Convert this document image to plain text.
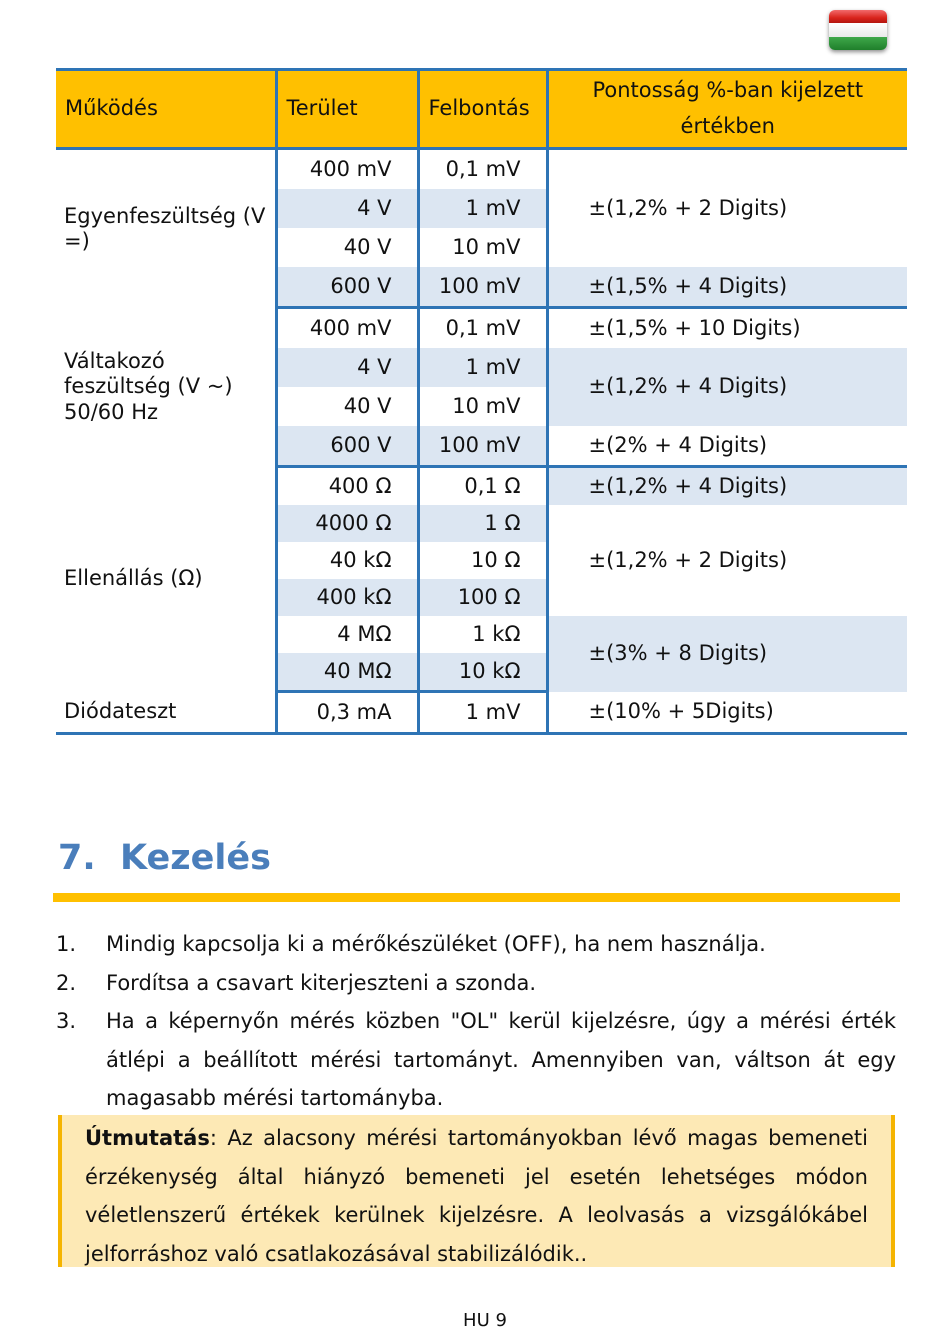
Működés	Terület	Felbontás	Pontosság %-ban kijelzett értékben
Egyenfeszültség (V =)	400 mV	0,1 mV	±(1,2% + 2 Digits)
	4 V	1 mV	
	40 V	10 mV	
	600 V	100 mV	±(1,5% + 4 Digits)
Váltakozó feszültség (V ~) 50/60 Hz	400 mV	0,1 mV	±(1,5% + 10 Digits)
	4 V	1 mV	±(1,2% + 4 Digits)
	40 V	10 mV	
	600 V	100 mV	±(2% + 4 Digits)
Ellenállás (Ω)	400 Ω	0,1 Ω	±(1,2% + 4 Digits)
	4000 Ω	1 Ω	±(1,2% + 2 Digits)
	40 kΩ	10 Ω	
	400 kΩ	100 Ω	
	4 MΩ	1 kΩ	±(3% + 8 Digits)
	40 MΩ	10 kΩ	
Diódateszt	0,3 mA	1 mV	±(10% + 5Digits)
7. Kezelés
1.	Mindig kapcsolja ki a mérőkészüléket (OFF), ha nem használja.
2.	Fordítsa a csavart kiterjeszteni a szonda.
3.	Ha a képernyőn mérés közben "OL" kerül kijelzésre, úgy a mérési érték átlépi a beállított mérési tartományt. Amennyiben van, váltson át egy magasabb mérési tartományba.
Útmutatás: Az alacsony mérési tartományokban lévő magas bemeneti érzékenység által hiányzó bemeneti jel esetén lehetséges módon véletlenszerű értékek kerülnek kijelzésre. A leolvasás a vizsgálókábel jelforráshoz való csatlakozásával stabilizálódik..
HU 9
